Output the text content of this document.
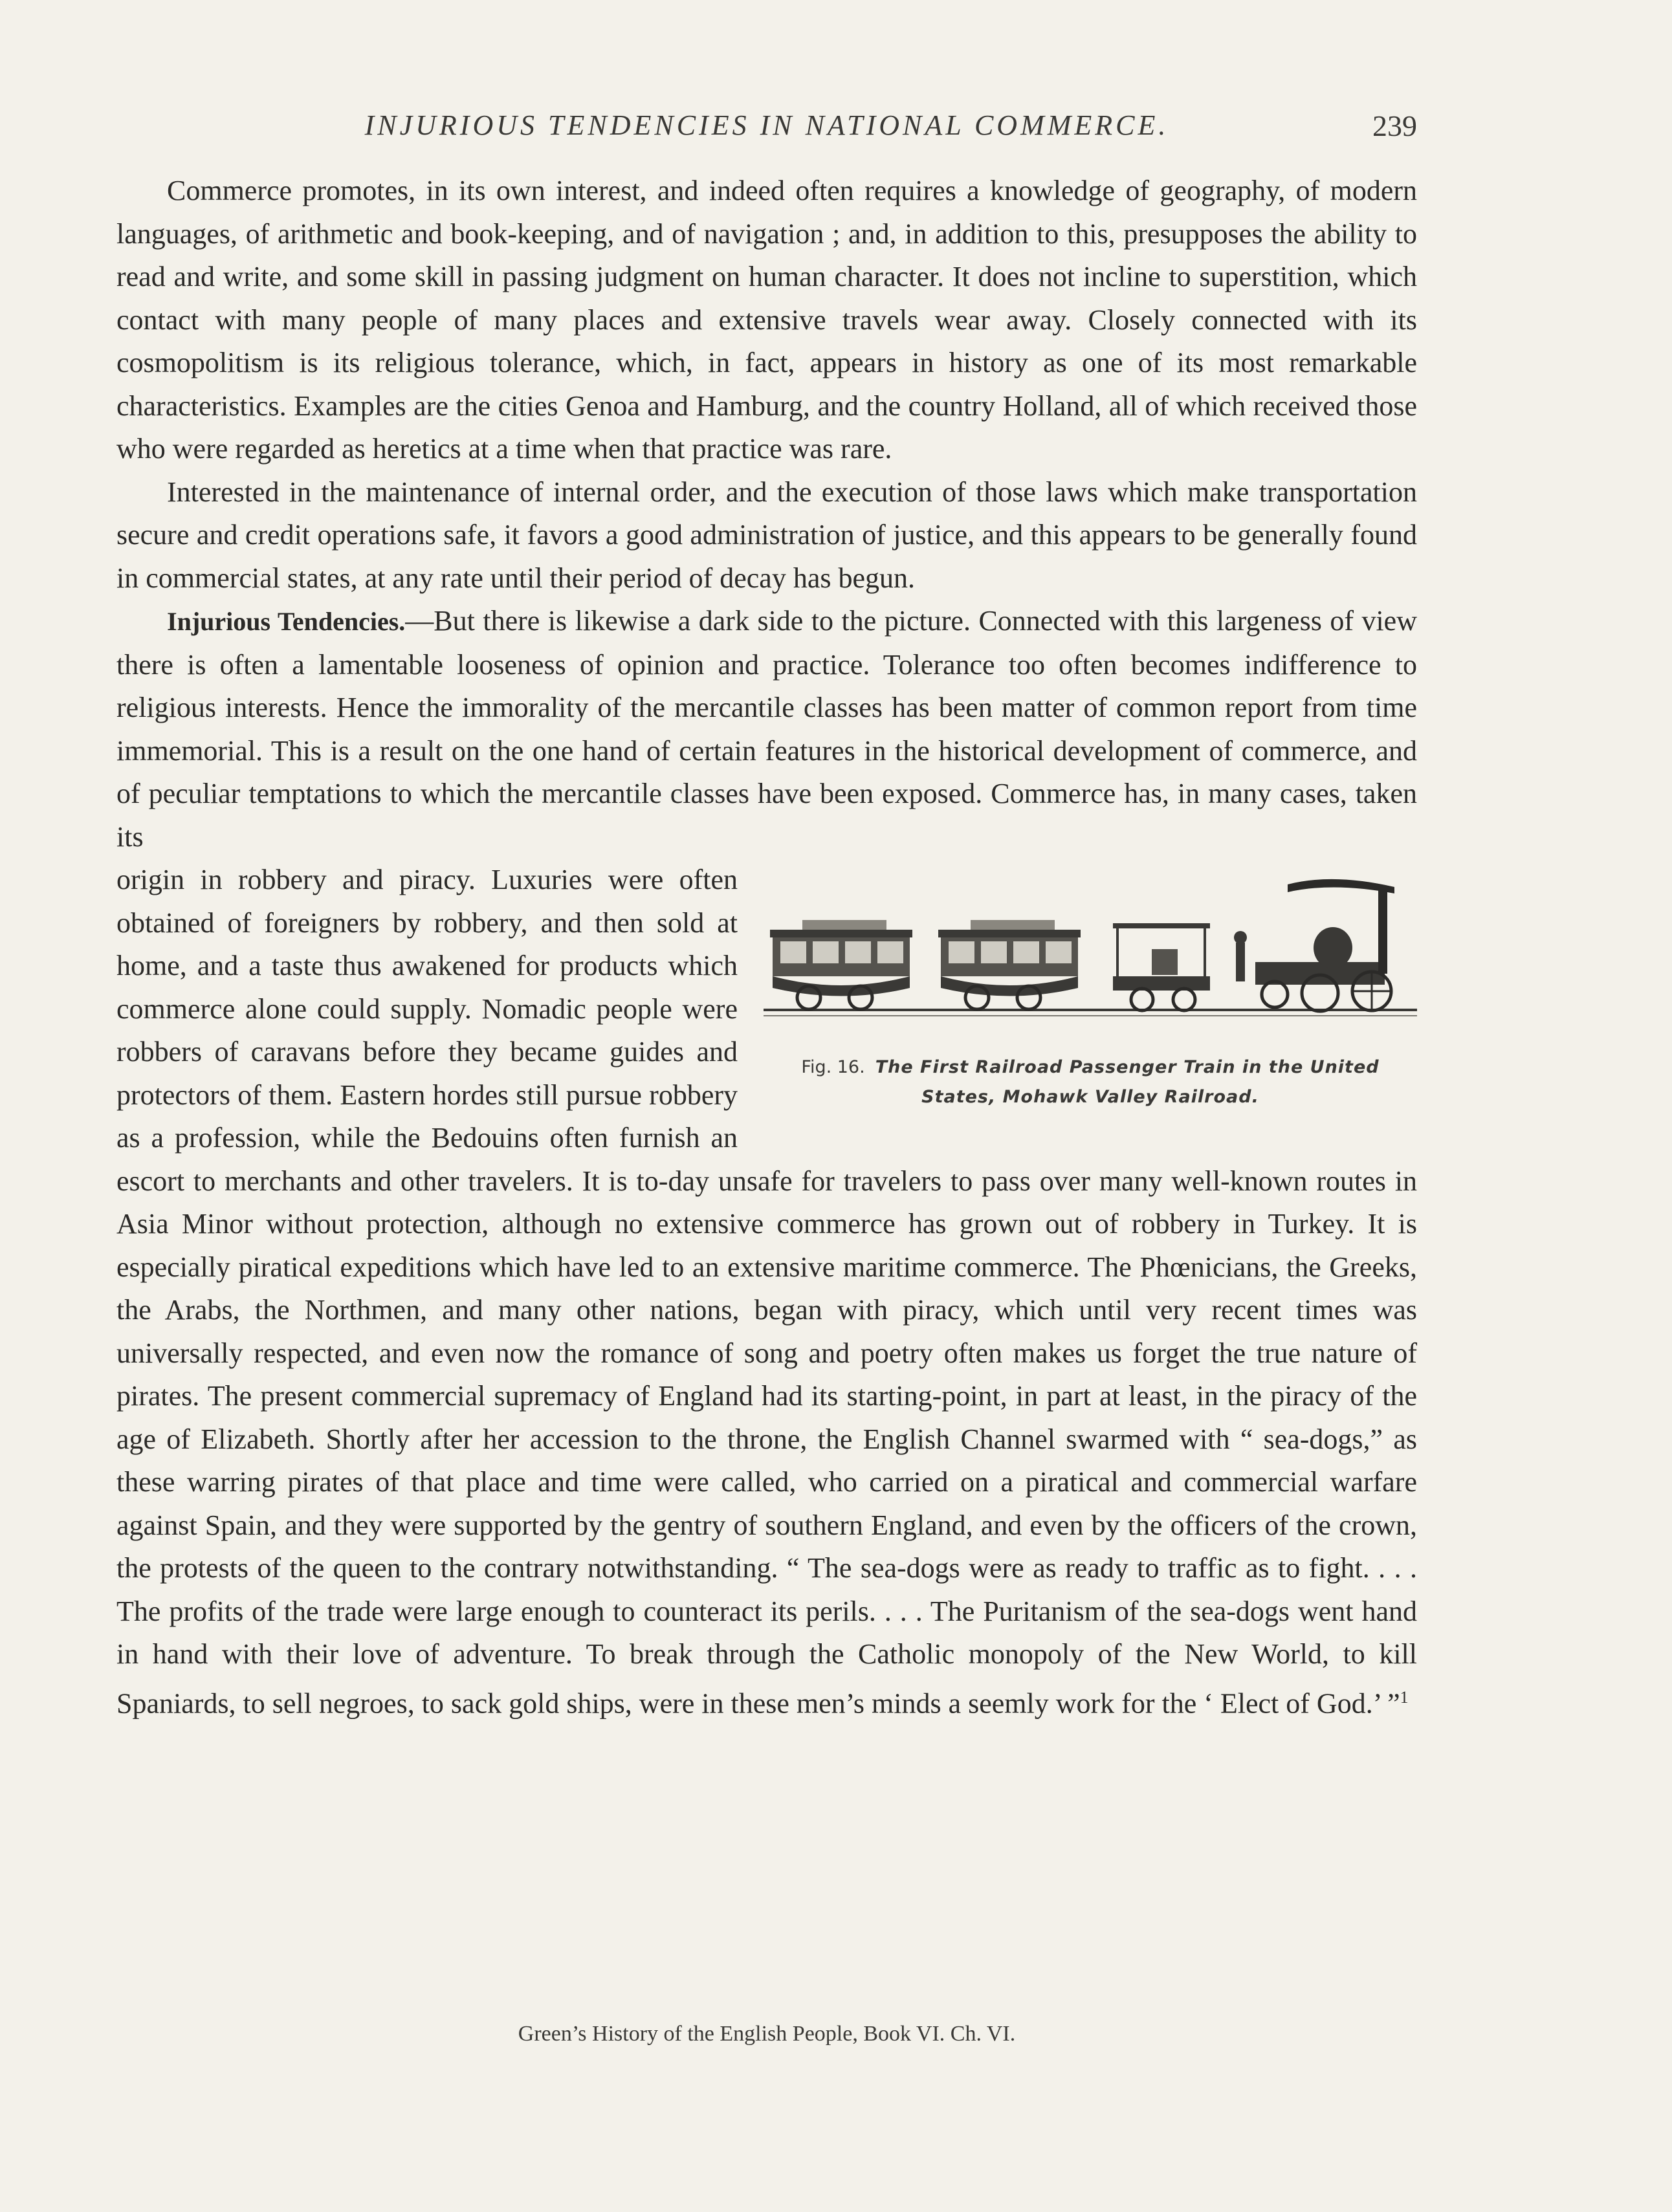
INJURIOUS TENDENCIES IN NATIONAL COMMERCE.	239

Commerce promotes, in its own interest, and indeed often requires a knowledge of geography, of modern languages, of arithmetic and book-keeping, and of navigation ; and, in addition to this, presupposes the ability to read and write, and some skill in passing judgment on human character. It does not incline to superstition, which contact with many people of many places and extensive travels wear away. Closely connected with its cosmopolitism is its religious tolerance, which, in fact, appears in history as one of its most remarkable characteristics. Examples are the cities Genoa and Hamburg, and the country Holland, all of which received those who were regarded as heretics at a time when that practice was rare.

Interested in the maintenance of internal order, and the execution of those laws which make transportation secure and credit operations safe, it favors a good administration of justice, and this appears to be generally found in commercial states, at any rate until their period of decay has begun.

Injurious Tendencies.—But there is likewise a dark side to the picture. Connected with this largeness of view there is often a lamentable looseness of opinion and practice. Tolerance too often becomes indifference to religious interests. Hence the immorality of the mercantile classes has been matter of common report from time immemorial. This is a result on the one hand of certain features in the historical development of commerce, and of peculiar temptations to which the mercantile classes have been exposed. Commerce has, in many cases, taken its

Fig. 16. The First Railroad Passenger Train in the United States, Mohawk Valley Railroad.

origin in robbery and piracy. Luxuries were often obtained of foreigners by robbery, and then sold at home, and a taste thus awakened for products which commerce alone could supply. Nomadic people were robbers of caravans before they became guides and protectors of them. Eastern hordes still pursue robbery as a profession, while the Bedouins often furnish an escort to merchants and other travelers. It is to-day unsafe for travelers to pass over many well-known routes in Asia Minor without protection, although no extensive commerce has grown out of robbery in Turkey. It is especially piratical expeditions which have led to an extensive maritime commerce. The Phœnicians, the Greeks, the Arabs, the Northmen, and many other nations, began with piracy, which until very recent times was universally respected, and even now the romance of song and poetry often makes us forget the true nature of pirates. The present commercial supremacy of England had its starting-point, in part at least, in the piracy of the age of Elizabeth. Shortly after her accession to the throne, the English Channel swarmed with “ sea-dogs,” as these warring pirates of that place and time were called, who carried on a piratical and commercial warfare against Spain, and they were supported by the gentry of southern England, and even by the officers of the crown, the protests of the queen to the contrary notwithstanding. “ The sea-dogs were as ready to traffic as to fight. . . . The profits of the trade were large enough to counteract its perils. . . . The Puritanism of the sea-dogs went hand in hand with their love of adventure. To break through the Catholic monopoly of the New World, to kill Spaniards, to sell negroes, to sack gold ships, were in these men’s minds a seemly work for the ‘ Elect of God.’ ”$^1$

Green’s History of the English People, Book VI. Ch. VI.
